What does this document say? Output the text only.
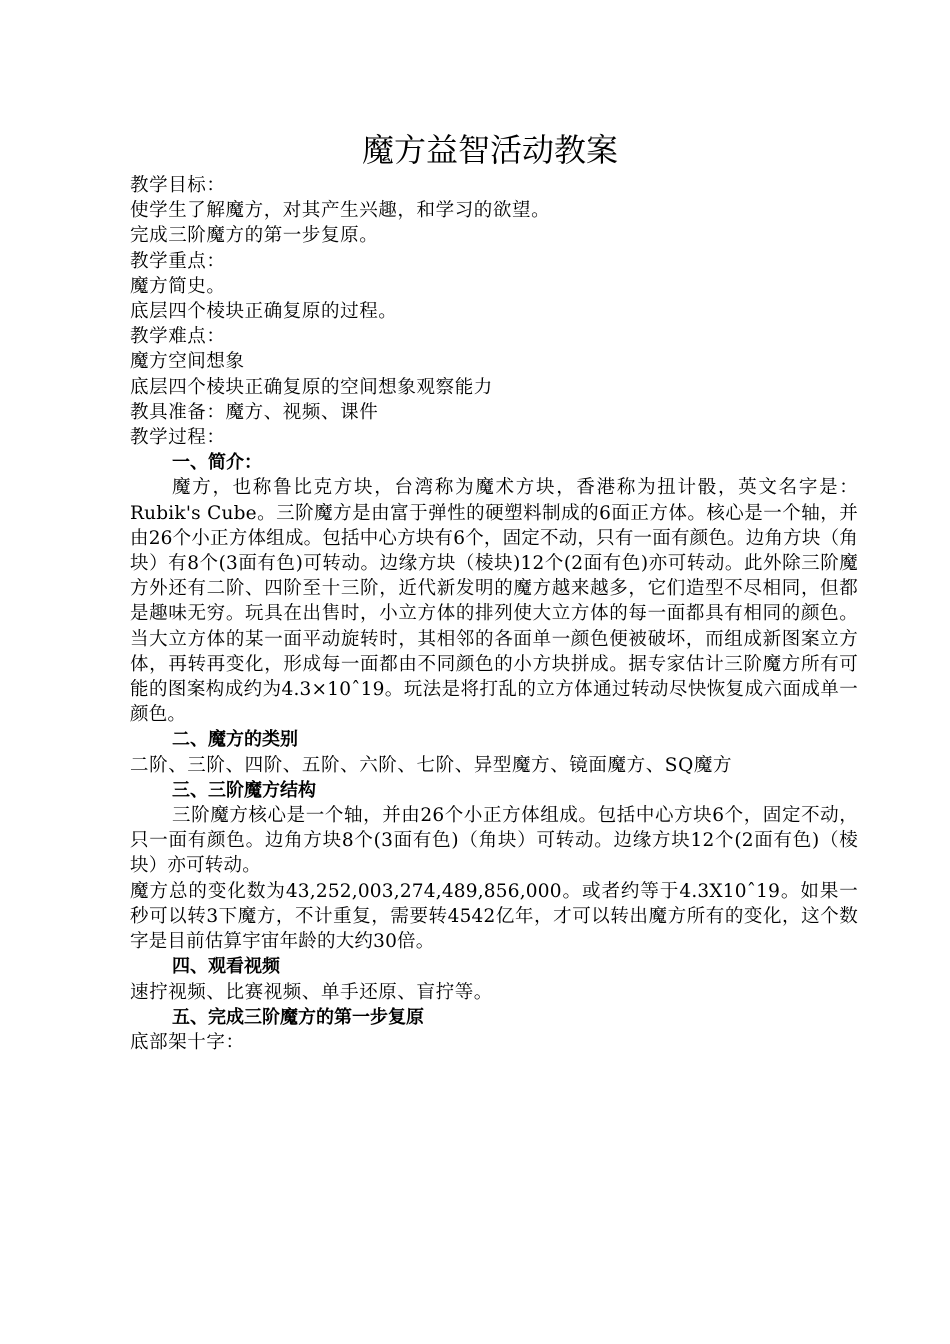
魔方益智活动教案

教学目标：

使学生了解魔方，对其产生兴趣，和学习的欲望。

完成三阶魔方的第一步复原。

教学重点：

魔方简史。

底层四个棱块正确复原的过程。

教学难点：

魔方空间想象

底层四个棱块正确复原的空间想象观察能力

教具准备：魔方、视频、课件

教学过程：

一、简介：

魔方，也称鲁比克方块，台湾称为魔术方块，香港称为扭计骰，英文名字是：Rubik's Cube。三阶魔方是由富于弹性的硬塑料制成的6面正方体。核心是一个轴，并由26个小正方体组成。包括中心方块有6个，固定不动，只有一面有颜色。边角方块（角块）有8个(3面有色)可转动。边缘方块（棱块)12个(2面有色)亦可转动。此外除三阶魔方外还有二阶、四阶至十三阶，近代新发明的魔方越来越多，它们造型不尽相同，但都是趣味无穷。玩具在出售时，小立方体的排列使大立方体的每一面都具有相同的颜色。当大立方体的某一面平动旋转时，其相邻的各面单一颜色便被破坏，而组成新图案立方体，再转再变化，形成每一面都由不同颜色的小方块拼成。据专家估计三阶魔方所有可能的图案构成约为4.3×10ˆ19。玩法是将打乱的立方体通过转动尽快恢复成六面成单一颜色。

二、魔方的类别

二阶、三阶、四阶、五阶、六阶、七阶、异型魔方、镜面魔方、SQ魔方

三、三阶魔方结构

三阶魔方核心是一个轴，并由26个小正方体组成。包括中心方块6个，固定不动，只一面有颜色。边角方块8个(3面有色)（角块）可转动。边缘方块12个(2面有色)（棱块）亦可转动。

魔方总的变化数为43,252,003,274,489,856,000。或者约等于4.3X10ˆ19。如果一秒可以转3下魔方，不计重复，需要转4542亿年，才可以转出魔方所有的变化，这个数字是目前估算宇宙年龄的大约30倍。

四、观看视频

速拧视频、比赛视频、单手还原、盲拧等。

五、完成三阶魔方的第一步复原

底部架十字：
